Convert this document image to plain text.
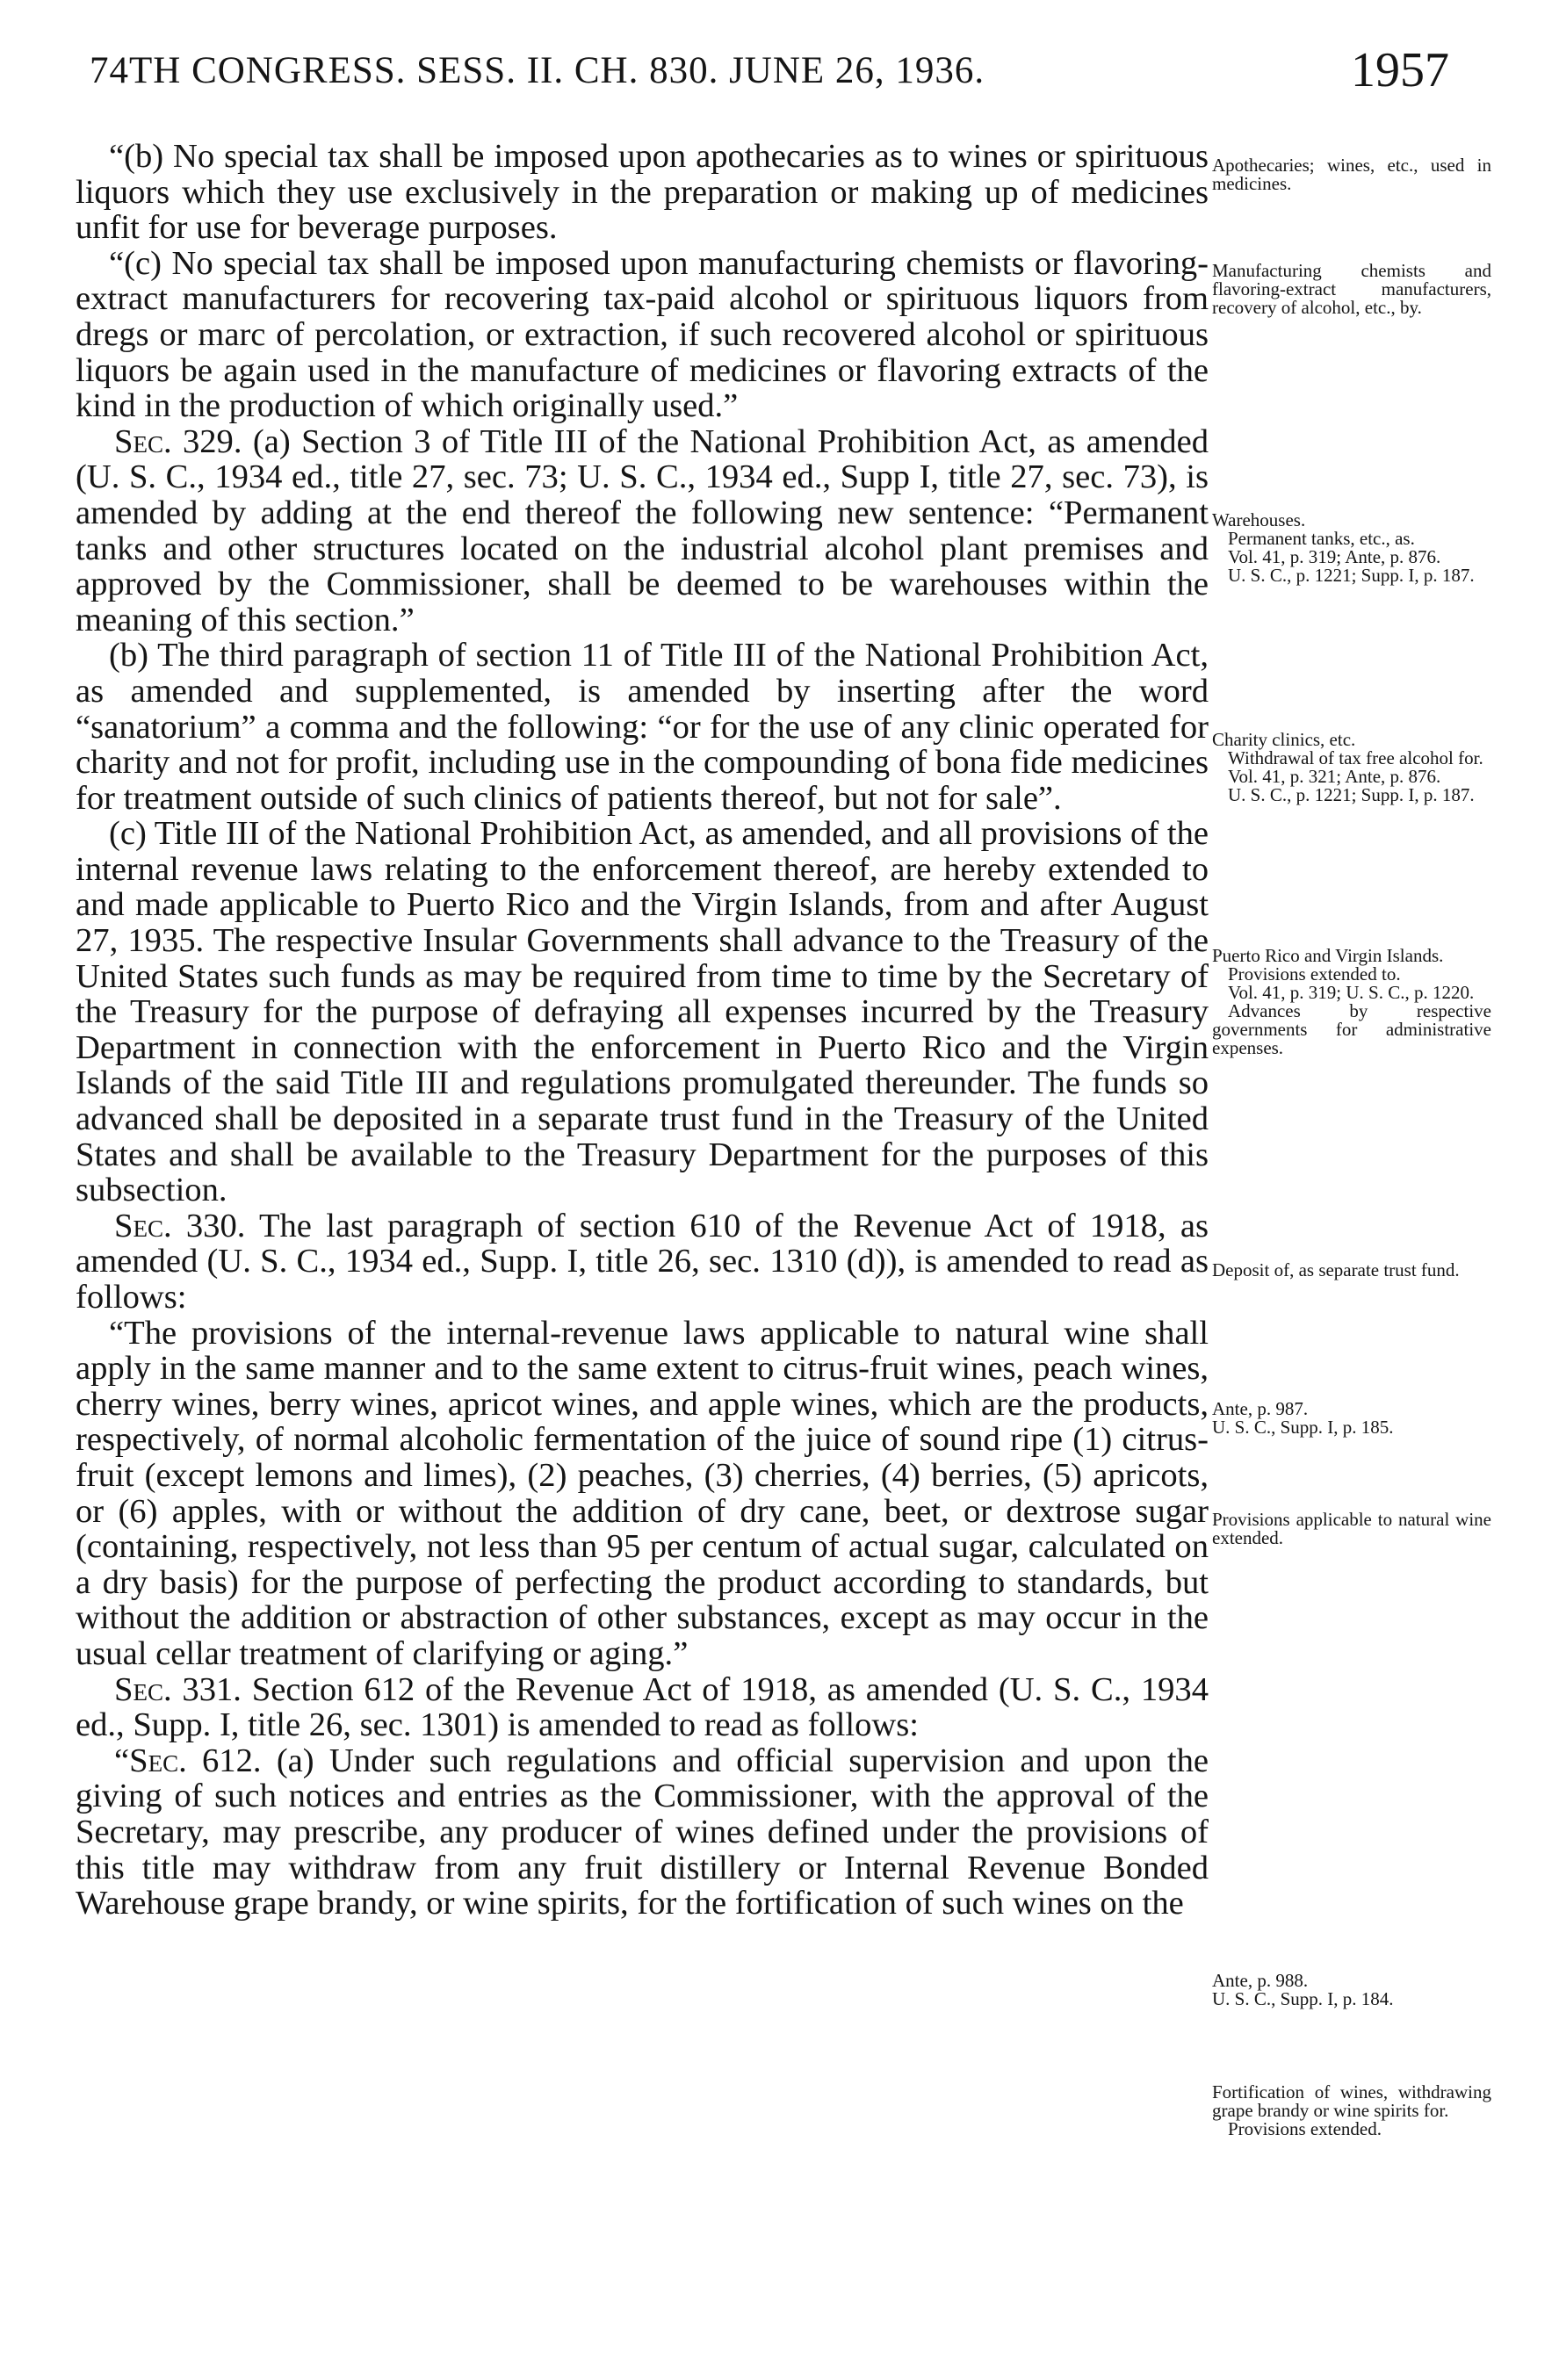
74TH CONGRESS. SESS. II. CH. 830. JUNE 26, 1936.	1957

“(b) No special tax shall be imposed upon apothecaries as to wines or spirituous liquors which they use exclusively in the preparation or making up of medicines unfit for use for beverage purposes.

“(c) No special tax shall be imposed upon manufacturing chemists or flavoring-extract manufacturers for recovering tax-paid alcohol or spirituous liquors from dregs or marc of percolation, or extraction, if such recovered alcohol or spirituous liquors be again used in the manufacture of medicines or flavoring extracts of the kind in the production of which originally used.”

Sec. 329. (a) Section 3 of Title III of the National Prohibition Act, as amended (U. S. C., 1934 ed., title 27, sec. 73; U. S. C., 1934 ed., Supp I, title 27, sec. 73), is amended by adding at the end thereof the following new sentence: “Permanent tanks and other structures located on the industrial alcohol plant premises and approved by the Commissioner, shall be deemed to be warehouses within the meaning of this section.”

(b) The third paragraph of section 11 of Title III of the National Prohibition Act, as amended and supplemented, is amended by inserting after the word “sanatorium” a comma and the following: “or for the use of any clinic operated for charity and not for profit, including use in the compounding of bona fide medicines for treatment outside of such clinics of patients thereof, but not for sale”.

(c) Title III of the National Prohibition Act, as amended, and all provisions of the internal revenue laws relating to the enforcement thereof, are hereby extended to and made applicable to Puerto Rico and the Virgin Islands, from and after August 27, 1935. The respective Insular Governments shall advance to the Treasury of the United States such funds as may be required from time to time by the Secretary of the Treasury for the purpose of defraying all expenses incurred by the Treasury Department in connection with the enforcement in Puerto Rico and the Virgin Islands of the said Title III and regulations promulgated thereunder. The funds so advanced shall be deposited in a separate trust fund in the Treasury of the United States and shall be available to the Treasury Department for the purposes of this subsection.

Sec. 330. The last paragraph of section 610 of the Revenue Act of 1918, as amended (U. S. C., 1934 ed., Supp. I, title 26, sec. 1310 (d)), is amended to read as follows:

“The provisions of the internal-revenue laws applicable to natural wine shall apply in the same manner and to the same extent to citrus-fruit wines, peach wines, cherry wines, berry wines, apricot wines, and apple wines, which are the products, respectively, of normal alcoholic fermentation of the juice of sound ripe (1) citrus-fruit (except lemons and limes), (2) peaches, (3) cherries, (4) berries, (5) apricots, or (6) apples, with or without the addition of dry cane, beet, or dextrose sugar (containing, respectively, not less than 95 per centum of actual sugar, calculated on a dry basis) for the purpose of perfecting the product according to standards, but without the addition or abstraction of other substances, except as may occur in the usual cellar treatment of clarifying or aging.”

Sec. 331. Section 612 of the Revenue Act of 1918, as amended (U. S. C., 1934 ed., Supp. I, title 26, sec. 1301) is amended to read as follows:

“Sec. 612. (a) Under such regulations and official supervision and upon the giving of such notices and entries as the Commissioner, with the approval of the Secretary, may prescribe, any producer of wines defined under the provisions of this title may withdraw from any fruit distillery or Internal Revenue Bonded Warehouse grape brandy, or wine spirits, for the fortification of such wines on the

Apothecaries; wines, etc., used in medicines.
Manufacturing chemists and flavoring-extract manufacturers, recovery of alcohol, etc., by.
Warehouses.
Permanent tanks, etc., as.
Vol. 41, p. 319; Ante, p. 876.
U. S. C., p. 1221; Supp. I, p. 187.
Charity clinics, etc.
Withdrawal of tax free alcohol for.
Vol. 41, p. 321; Ante, p. 876.
U. S. C., p. 1221; Supp. I, p. 187.
Puerto Rico and Virgin Islands.
Provisions extended to.
Vol. 41, p. 319; U. S. C., p. 1220.
Advances by respective governments for administrative expenses.
Deposit of, as separate trust fund.
Ante, p. 987.
U. S. C., Supp. I, p. 185.
Provisions applicable to natural wine extended.
Ante, p. 988.
U. S. C., Supp. I, p. 184.
Fortification of wines, withdrawing grape brandy or wine spirits for.
Provisions extended.
